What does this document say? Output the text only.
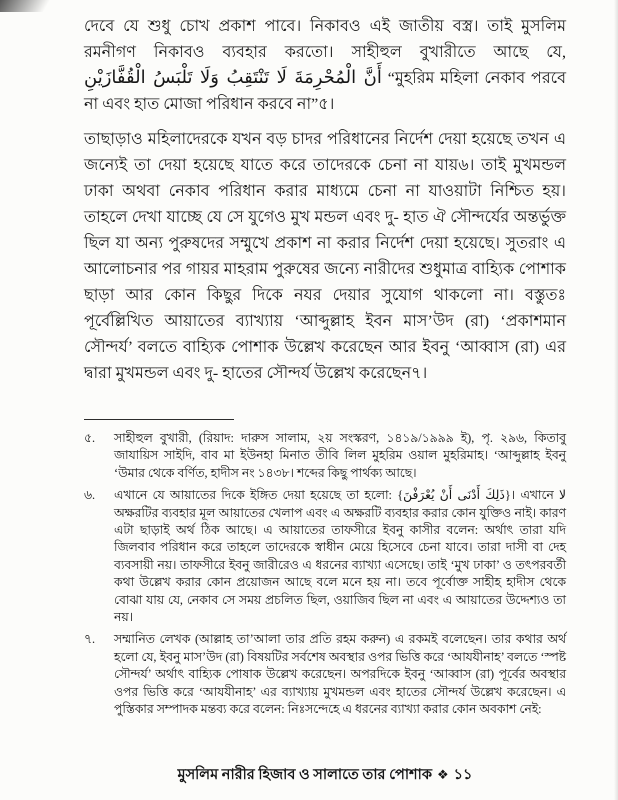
দেবে যে শুধু চোখ প্রকাশ পাবে। নিকাবও এই জাতীয় বস্ত্র। তাই মুসলিম রমনীগণ নিকাবও ব্যবহার করতো। সাহীহুল বুখারীতে আছে যে, أَنَّ الْمُحْرِمَةَ لَا تَنْتَقِبُ وَلَا تَلْبَسُ الْقُفَّازَيْنِ “মুহরিম মহিলা নেকাব পরবে না এবং হাত মোজা পরিধান করবে না”৫।

তাছাড়াও মহিলাদেরকে যখন বড় চাদর পরিধানের নির্দেশ দেয়া হয়েছে তখন এ জন্যেই তা দেয়া হয়েছে যাতে করে তাদেরকে চেনা না যায়৬। তাই মুখমন্ডল ঢাকা অথবা নেকাব পরিধান করার মাধ্যমে চেনা না যাওয়াটা নিশ্চিত হয়। তাহলে দেখা যাচ্ছে যে সে যুগেও মুখ মন্ডল এবং দু- হাত ঐ সৌন্দর্যের অন্তর্ভুক্ত ছিল যা অন্য পুরুষদের সম্মুখে প্রকাশ না করার নির্দেশ দেয়া হয়েছে। সুতরাং এ আলোচনার পর গায়র মাহরাম পুরুষের জন্যে নারীদের শুধুমাত্র বাহ্যিক পোশাক ছাড়া আর কোন কিছুর দিকে নযর দেয়ার সুযোগ থাকলো না। বস্তুতঃ পূর্বেল্লিখিত আয়াতের ব্যাখ্যায় ‘আব্দুল্লাহ ইবন মাস’উদ (রা) ‘প্রকাশমান সৌন্দর্য’ বলতে বাহ্যিক পোশাক উল্লেখ করেছেন আর ইবনু ‘আব্বাস (রা) এর দ্বারা মুখমন্ডল এবং দু- হাতের সৌন্দর্য উল্লেখ করেছেন৭।

৫.	সাহীহুল বুখারী, (রিয়াদ: দারুস সালাম, ২য় সংস্করণ, ১৪১৯/১৯৯৯ ই), পৃ. ২৯৬, কিতাবু জাযায়িস সাইদি, বাব মা ইউনহা মিনাত তীবি লিল মুহরিম ওয়াল মুহরিমাহ। ‘আব্দুল্লাহ ইবনু ‘উমার থেকে বর্ণিত, হাদীস নং ১৪৩৮। শব্দের কিছু পার্থক্য আছে।
৬.	এখানে যে আয়াতের দিকে ইঙ্গিত দেয়া হয়েছে তা হলো: {ذَلِكَ أَدْنَى أَنْ يُعْرَفْنَ}। এখানে لا অক্ষরটির ব্যবহার মূল আয়াতের খেলাপ এবং এ অক্ষরটি ব্যবহার করার কোন যুক্তিও নাই। কারণ এটা ছাড়াই অর্থ ঠিক আছে। এ আয়াতের তাফসীরে ইবনু কাসীর বলেন: অর্থাৎ তারা যদি জিলবাব পরিধান করে তাহলে তাদেরকে স্বাধীন মেয়ে হিসেবে চেনা যাবে। তারা দাসী বা দেহ ব্যবসায়ী নয়। তাফসীরে ইবনু জারীরেও এ ধরনের ব্যাখ্যা এসেছে। তাই ‘মুখ ঢাকা’ ও তৎপরবর্তী কথা উল্লেখ করার কোন প্রয়োজন আছে বলে মনে হয় না। তবে পূর্বোক্ত সাহীহ হাদীস থেকে বোঝা যায় যে, নেকাব সে সময় প্রচলিত ছিল, ওয়াজিব ছিল না এবং এ আয়াতের উদ্দেশ্যও তা নয়।
৭.	সম্মানিত লেখক (আল্লাহ তা’আলা তার প্রতি রহম করুন) এ রকমই বলেছেন। তার কথার অর্থ হলো যে, ইবনু মাস’উদ (রা) বিষয়টির সর্বশেষ অবস্থার ওপর ভিত্তি করে ‘আযযীনাহ’ বলতে ‘স্পষ্ট সৌন্দর্য’ অর্থাৎ বাহ্যিক পোষাক উল্লেখ করেছেন। অপরদিকে ইবনু ‘আব্বাস (রা) পূর্বের অবস্থার ওপর ভিত্তি করে ‘আযযীনাহ’ এর ব্যাখ্যায় মুখমন্ডল এবং হাতের সৌন্দর্য উল্লেখ করেছেন। এ পুস্তিকার সম্পাদক মন্তব্য করে বলেন: নিঃসন্দেহে এ ধরনের ব্যাখ্যা করার কোন অবকাশ নেই:
মুসলিম নারীর হিজাব ও সালাতে তার পোশাক ❖ ১১
